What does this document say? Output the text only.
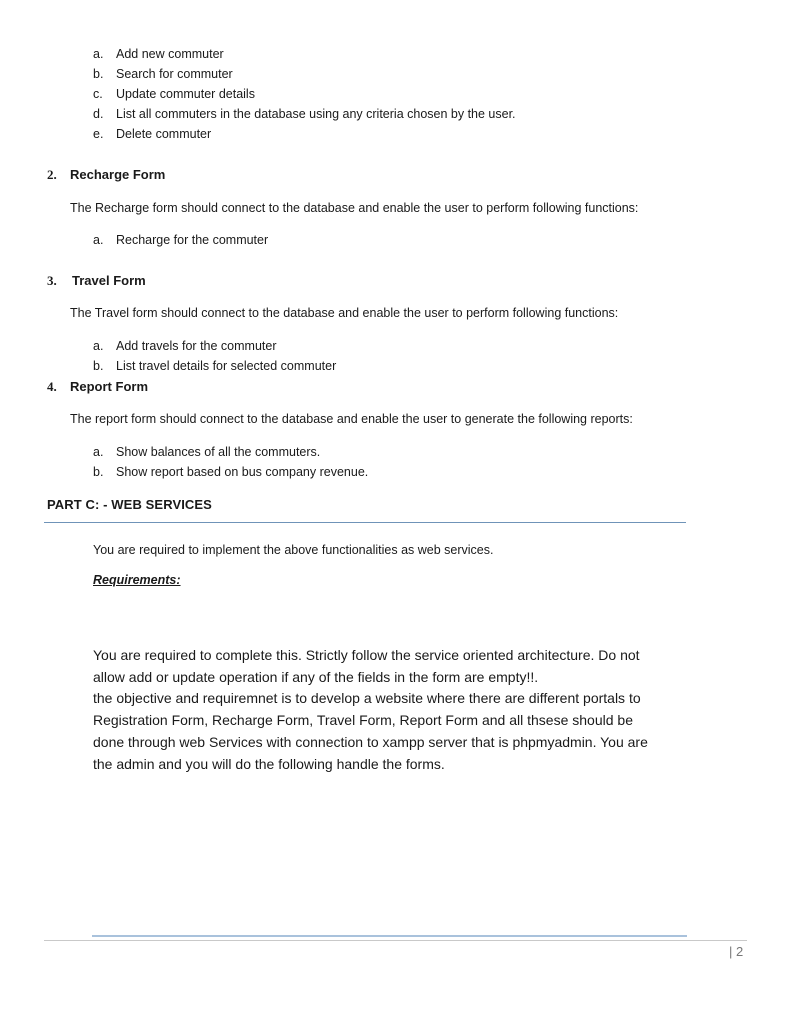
a. Add new commuter
b. Search for commuter
c. Update commuter details
d. List all commuters in the database using any criteria chosen by the user.
e. Delete commuter
2. Recharge Form
The Recharge form should connect to the database and enable the user to perform following functions:
a. Recharge for the commuter
3. Travel Form
The Travel form should connect to the database and enable the user to perform following functions:
a. Add travels for the commuter
b. List travel details for selected commuter
4. Report Form
The report form should connect to the database and enable the user to generate the following reports:
a. Show balances of all the commuters.
b. Show report based on bus company revenue.
PART C: - WEB SERVICES
You are required to implement the above functionalities as web services.
Requirements:
You are required to complete this. Strictly follow the service oriented architecture. Do not
allow add or update operation if any of the fields in the form are empty!!.
the objective and requiremnet is to develop a website where there are different portals to
Registration Form, Recharge Form, Travel Form, Report Form and all thsese should be
done through web Services with connection to xampp server that is phpmyadmin. You are
the admin and you will do the following handle the forms.
| 2
